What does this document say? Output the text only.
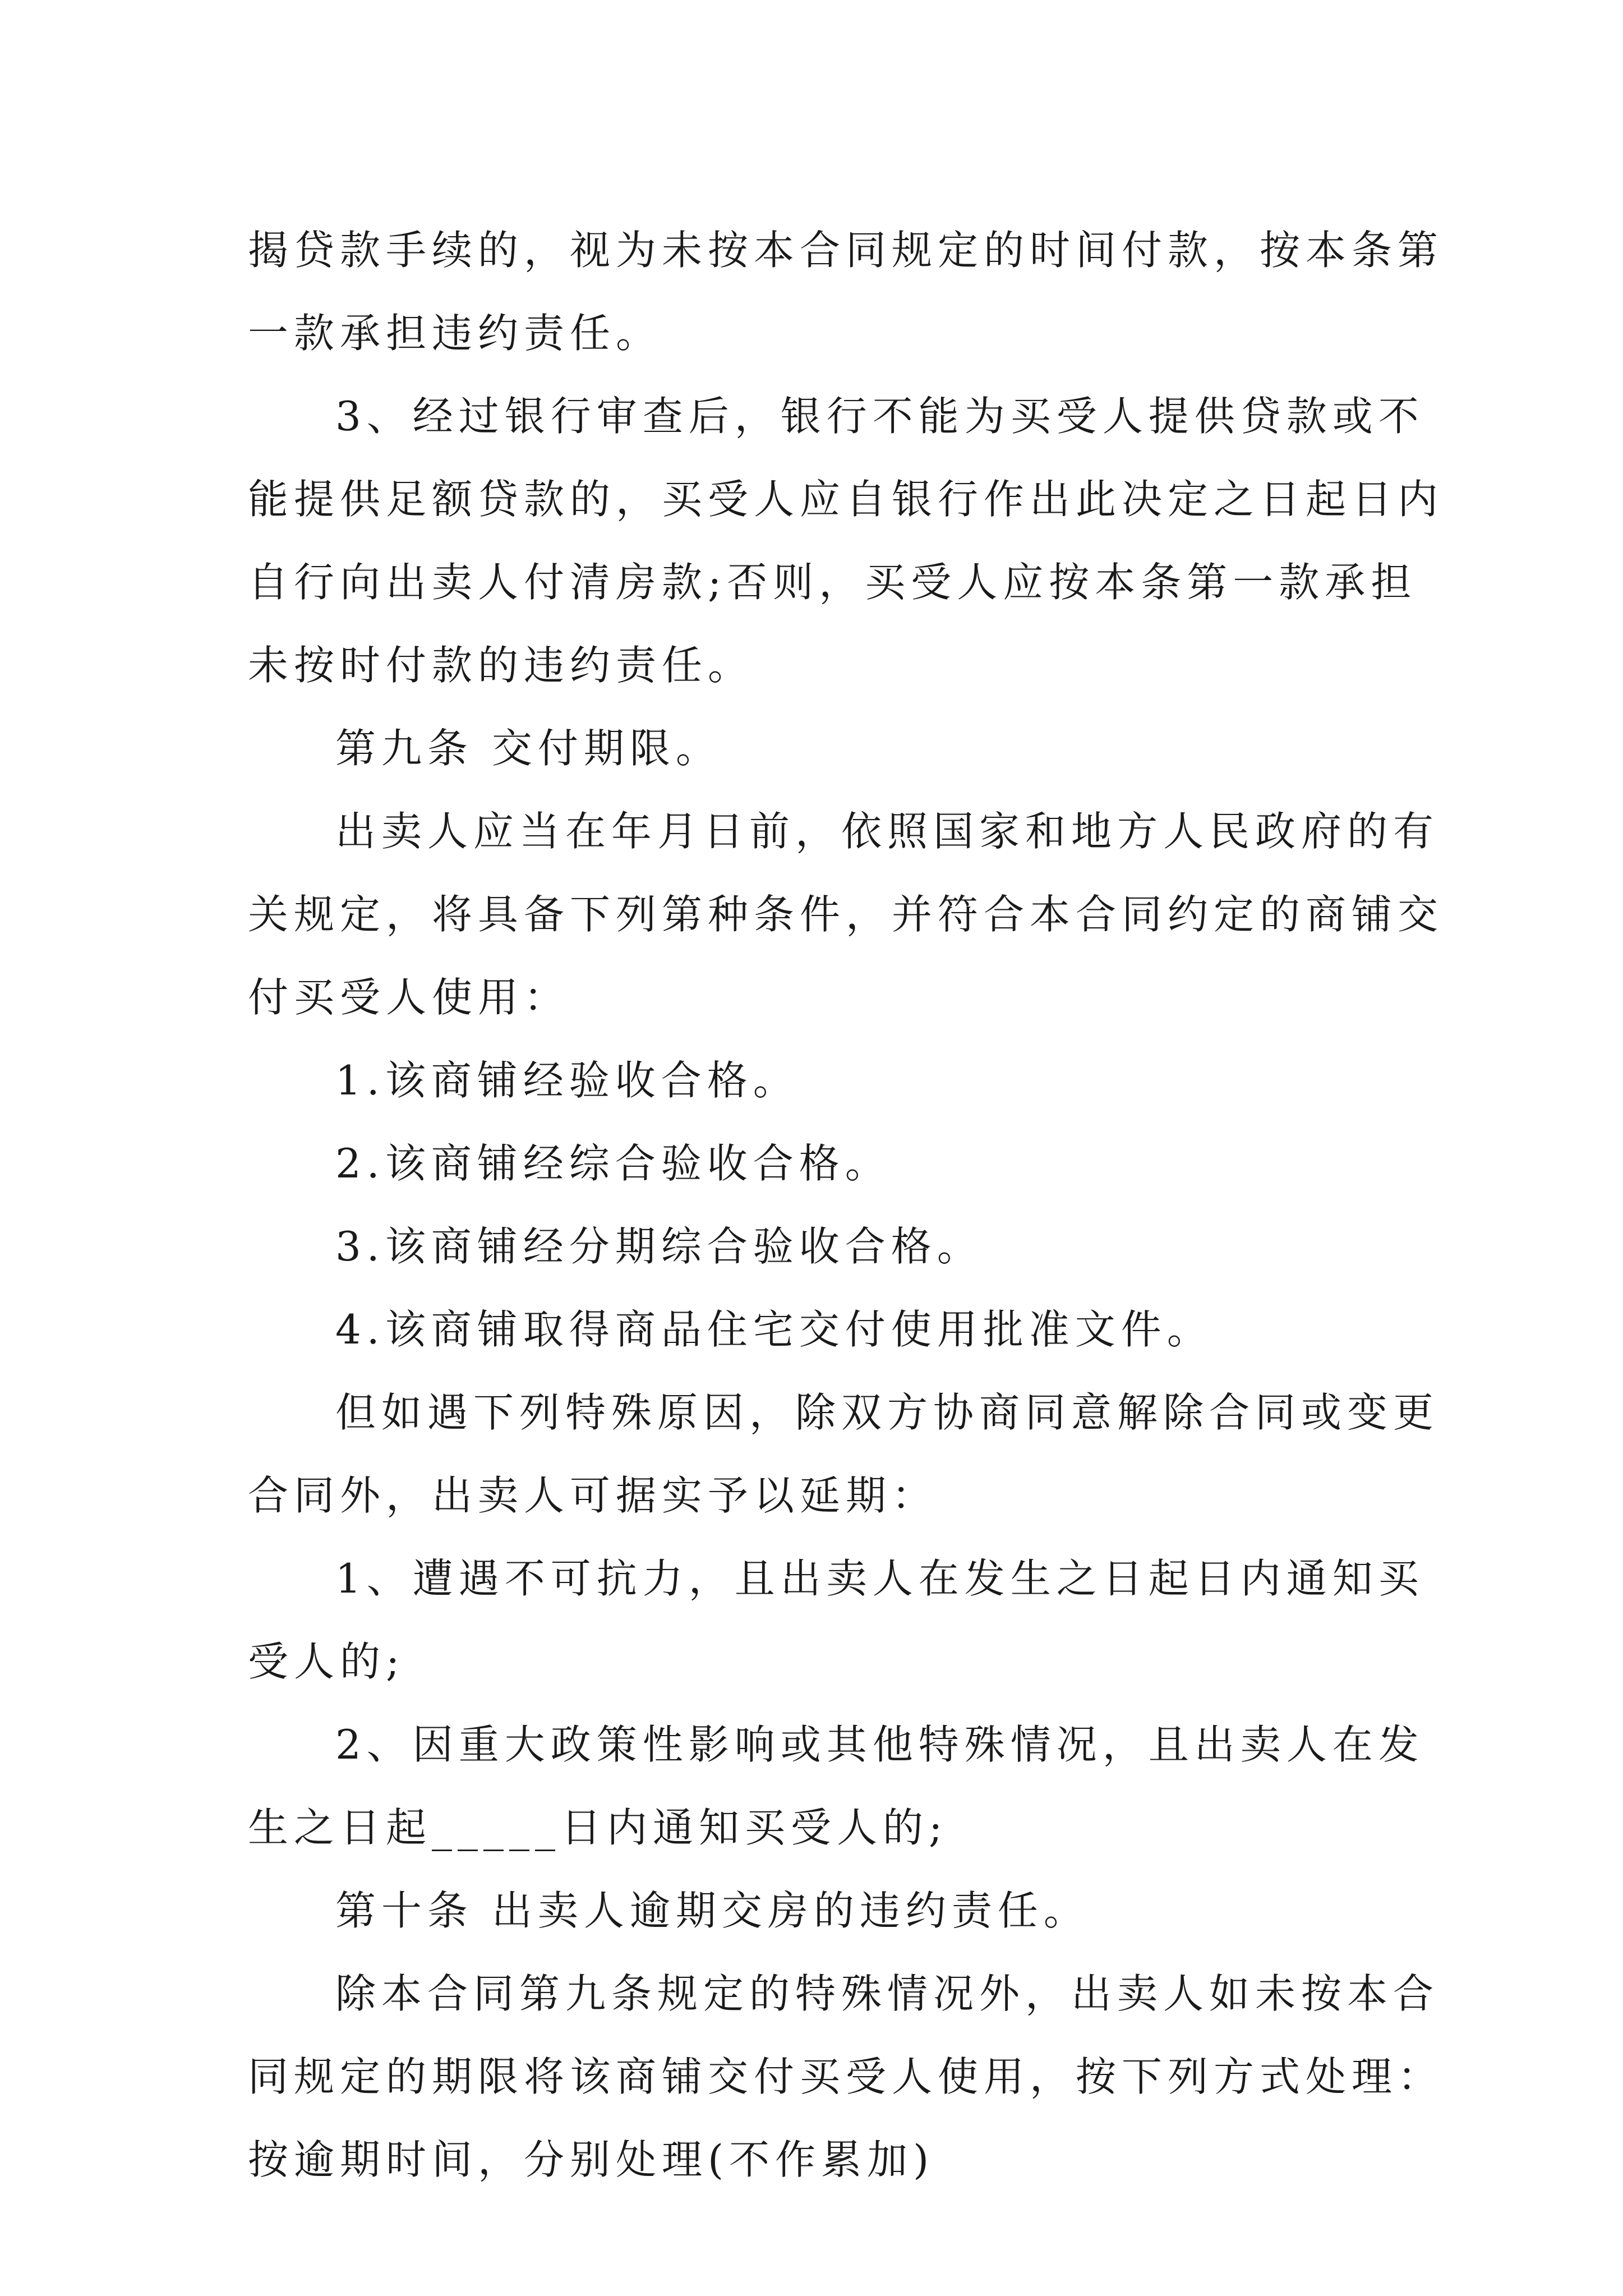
揭贷款手续的，视为未按本合同规定的时间付款，按本条第

一款承担违约责任。

3、经过银行审查后，银行不能为买受人提供贷款或不

能提供足额贷款的，买受人应自银行作出此决定之日起日内

自行向出卖人付清房款;否则，买受人应按本条第一款承担

未按时付款的违约责任。

第九条 交付期限。

出卖人应当在年月日前，依照国家和地方人民政府的有

关规定，将具备下列第种条件，并符合本合同约定的商铺交

付买受人使用：

1.该商铺经验收合格。

2.该商铺经综合验收合格。

3.该商铺经分期综合验收合格。

4.该商铺取得商品住宅交付使用批准文件。

但如遇下列特殊原因，除双方协商同意解除合同或变更

合同外，出卖人可据实予以延期：

1、遭遇不可抗力，且出卖人在发生之日起日内通知买

受人的;

2、因重大政策性影响或其他特殊情况，且出卖人在发

生之日起_____日内通知买受人的;

第十条 出卖人逾期交房的违约责任。

除本合同第九条规定的特殊情况外，出卖人如未按本合

同规定的期限将该商铺交付买受人使用，按下列方式处理：

按逾期时间，分别处理(不作累加)
